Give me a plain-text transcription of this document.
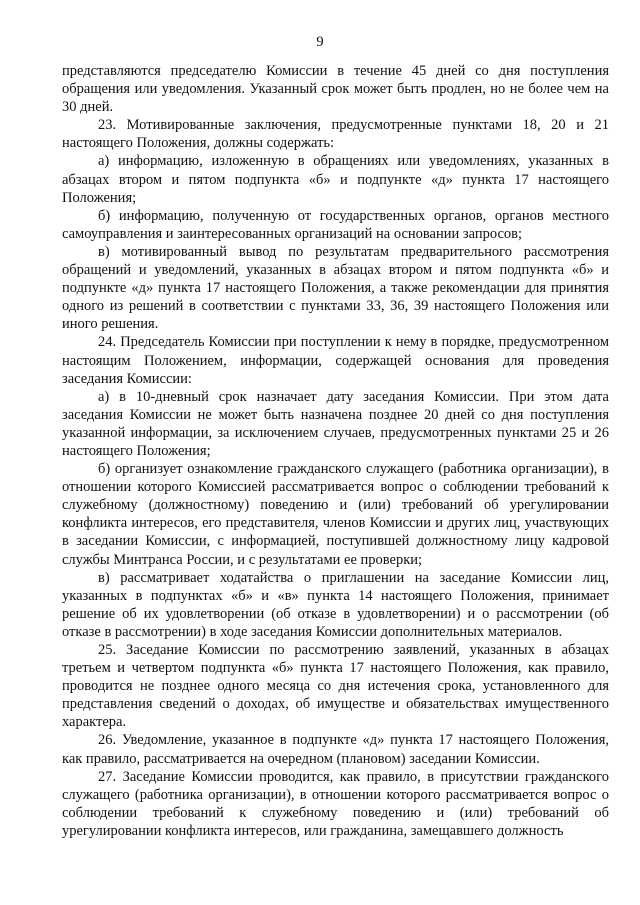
9

представляются председателю Комиссии в течение 45 дней со дня поступления обращения или уведомления. Указанный срок может быть продлен, но не более чем на 30 дней.

23. Мотивированные заключения, предусмотренные пунктами 18, 20 и 21 настоящего Положения, должны содержать:

а) информацию, изложенную в обращениях или уведомлениях, указанных в абзацах втором и пятом подпункта «б» и подпункте «д» пункта 17 настоящего Положения;

б) информацию, полученную от государственных органов, органов местного самоуправления и заинтересованных организаций на основании запросов;

в) мотивированный вывод по результатам предварительного рассмотрения обращений и уведомлений, указанных в абзацах втором и пятом подпункта «б» и подпункте «д» пункта 17 настоящего Положения, а также рекомендации для принятия одного из решений в соответствии с пунктами 33, 36, 39 настоящего Положения или иного решения.

24. Председатель Комиссии при поступлении к нему в порядке, предусмотренном настоящим Положением, информации, содержащей основания для проведения заседания Комиссии:

а) в 10-дневный срок назначает дату заседания Комиссии. При этом дата заседания Комиссии не может быть назначена позднее 20 дней со дня поступления указанной информации, за исключением случаев, предусмотренных пунктами 25 и 26 настоящего Положения;

б) организует ознакомление гражданского служащего (работника организации), в отношении которого Комиссией рассматривается вопрос о соблюдении требований к служебному (должностному) поведению и (или) требований об урегулировании конфликта интересов, его представителя, членов Комиссии и других лиц, участвующих в заседании Комиссии, с информацией, поступившей должностному лицу кадровой службы Минтранса России, и с результатами ее проверки;

в) рассматривает ходатайства о приглашении на заседание Комиссии лиц, указанных в подпунктах «б» и «в» пункта 14 настоящего Положения, принимает решение об их удовлетворении (об отказе в удовлетворении) и о рассмотрении (об отказе в рассмотрении) в ходе заседания Комиссии дополнительных материалов.

25. Заседание Комиссии по рассмотрению заявлений, указанных в абзацах третьем и четвертом подпункта «б» пункта 17 настоящего Положения, как правило, проводится не позднее одного месяца со дня истечения срока, установленного для представления сведений о доходах, об имуществе и обязательствах имущественного характера.

26. Уведомление, указанное в подпункте «д» пункта 17 настоящего Положения, как правило, рассматривается на очередном (плановом) заседании Комиссии.

27. Заседание Комиссии проводится, как правило, в присутствии гражданского служащего (работника организации), в отношении которого рассматривается вопрос о соблюдении требований к служебному поведению и (или) требований об урегулировании конфликта интересов, или гражданина, замещавшего должность
